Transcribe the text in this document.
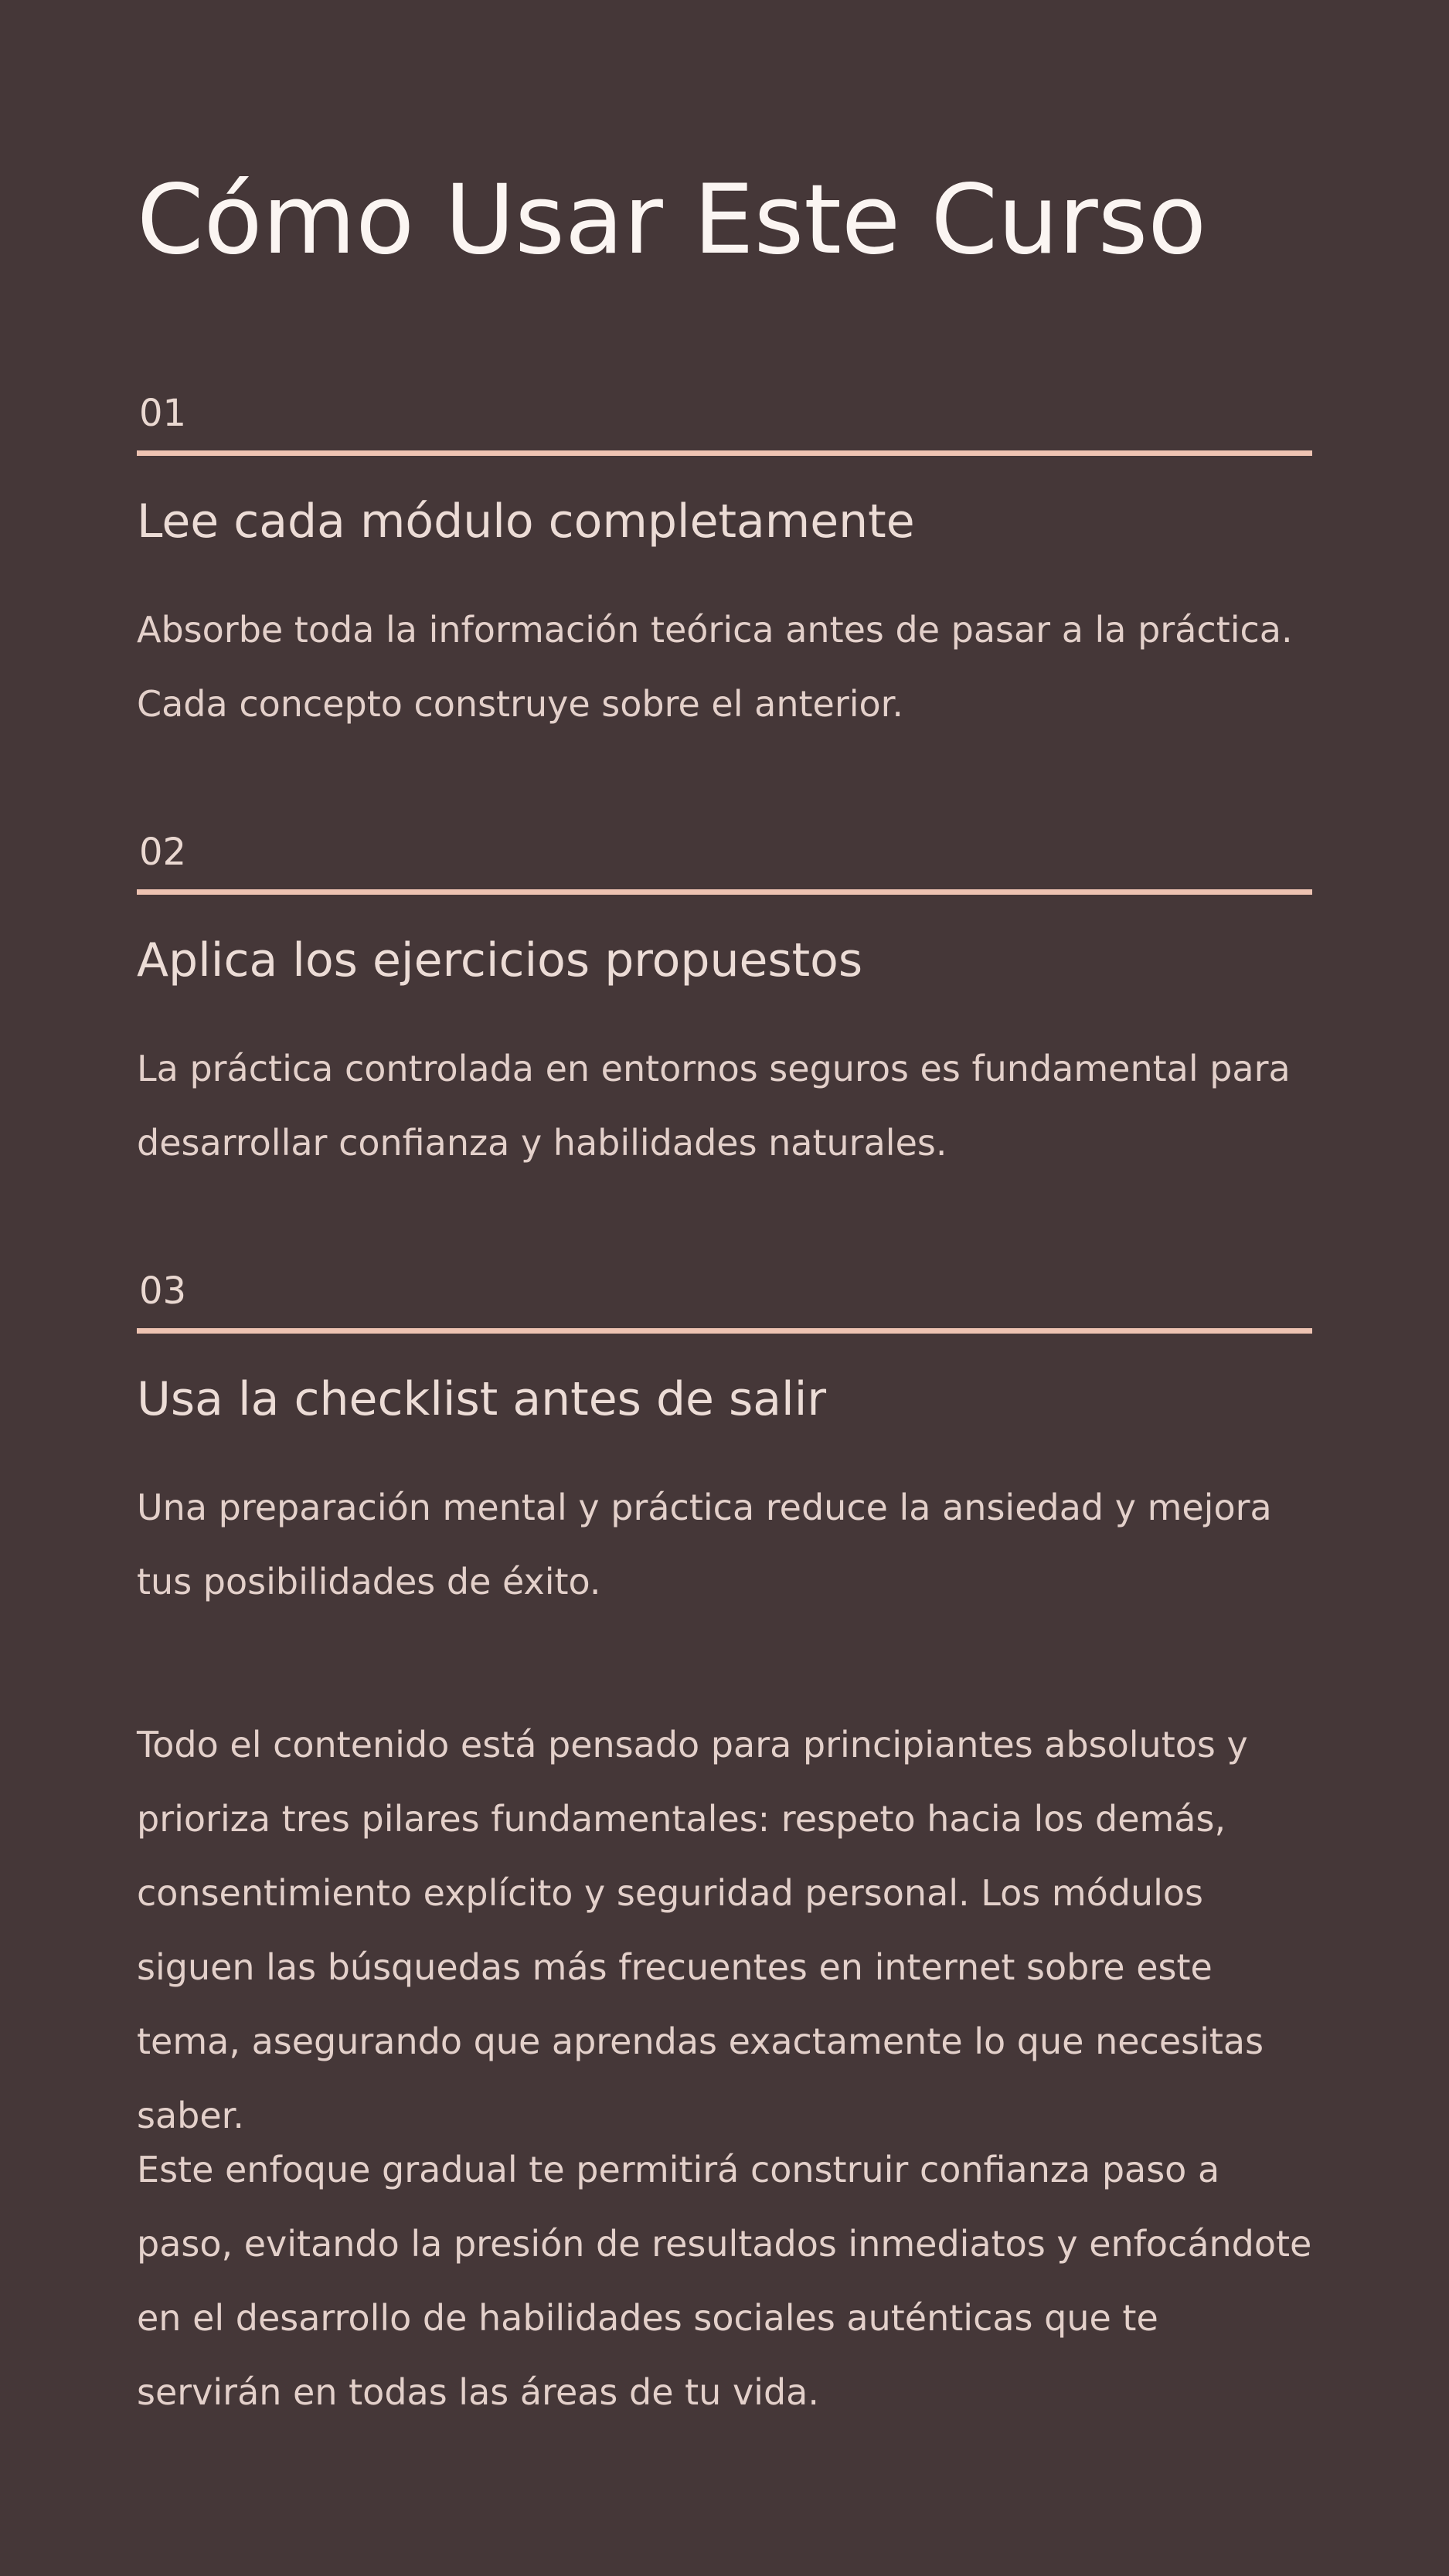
Cómo Usar Este Curso
01
Lee cada módulo completamente

Absorbe toda la información teórica antes de pasar a la práctica. Cada concepto construye sobre el anterior.

02
Aplica los ejercicios propuestos

La práctica controlada en entornos seguros es fundamental para desarrollar confianza y habilidades naturales.

03
Usa la checklist antes de salir

Una preparación mental y práctica reduce la ansiedad y mejora tus posibilidades de éxito.

Todo el contenido está pensado para principiantes absolutos y prioriza tres pilares fundamentales: respeto hacia los demás, consentimiento explícito y seguridad personal. Los módulos siguen las búsquedas más frecuentes en internet sobre este tema, asegurando que aprendas exactamente lo que necesitas saber.

Este enfoque gradual te permitirá construir confianza paso a paso, evitando la presión de resultados inmediatos y enfocándote en el desarrollo de habilidades sociales auténticas que te servirán en todas las áreas de tu vida.
